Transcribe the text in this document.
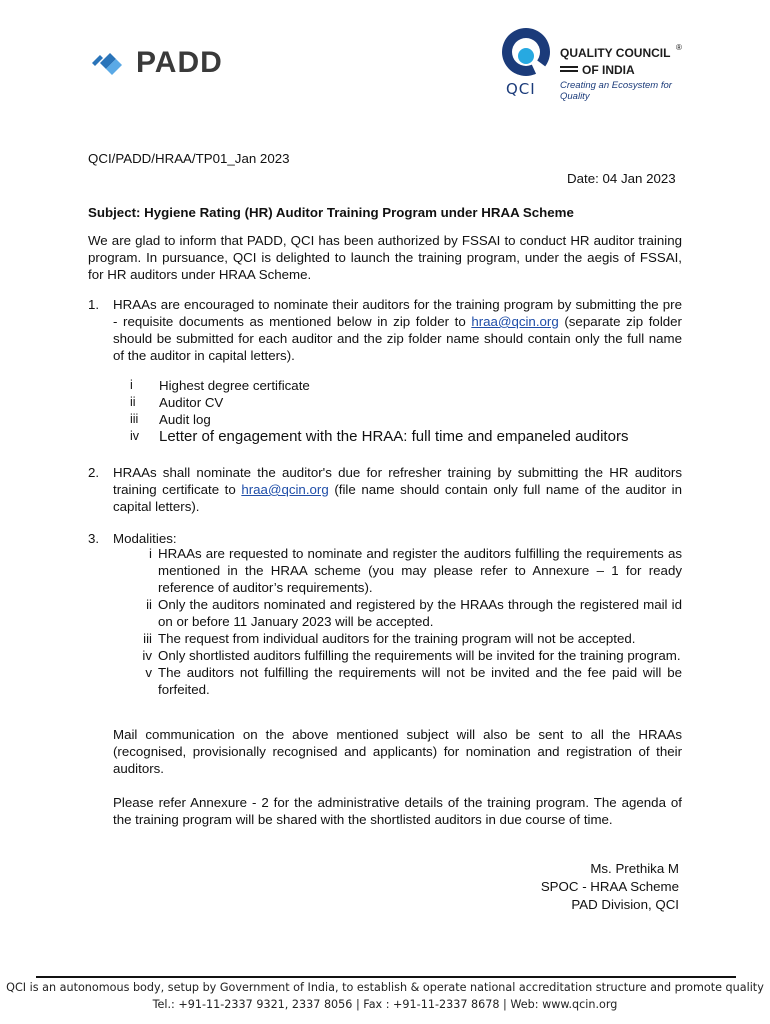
PADD
QCI
QUALITY COUNCIL ®
OF INDIA
Creating an Ecosystem for Quality
QCI/PADD/HRAA/TP01_Jan 2023
Date: 04 Jan 2023
Subject: Hygiene Rating (HR) Auditor Training Program under HRAA Scheme
We are glad to inform that PADD, QCI has been authorized by FSSAI to conduct HR auditor training program. In pursuance, QCI is delighted to launch the training program, under the aegis of FSSAI, for HR auditors under HRAA Scheme.
1. HRAAs are encouraged to nominate their auditors for the training program by submitting the pre - requisite documents as mentioned below in zip folder to hraa@qcin.org (separate zip folder should be submitted for each auditor and the zip folder name should contain only the full name of the auditor in capital letters).
i	Highest degree certificate
ii	Auditor CV
iii	Audit log
iv	Letter of engagement with the HRAA: full time and empaneled auditors
2. HRAAs shall nominate the auditor's due for refresher training by submitting the HR auditors training certificate to hraa@qcin.org (file name should contain only full name of the auditor in capital letters).
3. Modalities:
i HRAAs are requested to nominate and register the auditors fulfilling the requirements as mentioned in the HRAA scheme (you may please refer to Annexure – 1 for ready reference of auditor’s requirements).
ii Only the auditors nominated and registered by the HRAAs through the registered mail id on or before 11 January 2023 will be accepted.
iii The request from individual auditors for the training program will not be accepted.
iv Only shortlisted auditors fulfilling the requirements will be invited for the training program.
v The auditors not fulfilling the requirements will not be invited and the fee paid will be forfeited.
Mail communication on the above mentioned subject will also be sent to all the HRAAs (recognised, provisionally recognised and applicants) for nomination and registration of their auditors.
Please refer Annexure - 2 for the administrative details of the training program. The agenda of the training program will be shared with the shortlisted auditors in due course of time.
Ms. Prethika M
SPOC - HRAA Scheme
PAD Division, QCI
QCI is an autonomous body, setup by Government of India, to establish & operate national accreditation structure and promote quality
Tel.: +91-11-2337 9321, 2337 8056 | Fax : +91-11-2337 8678 | Web: www.qcin.org
